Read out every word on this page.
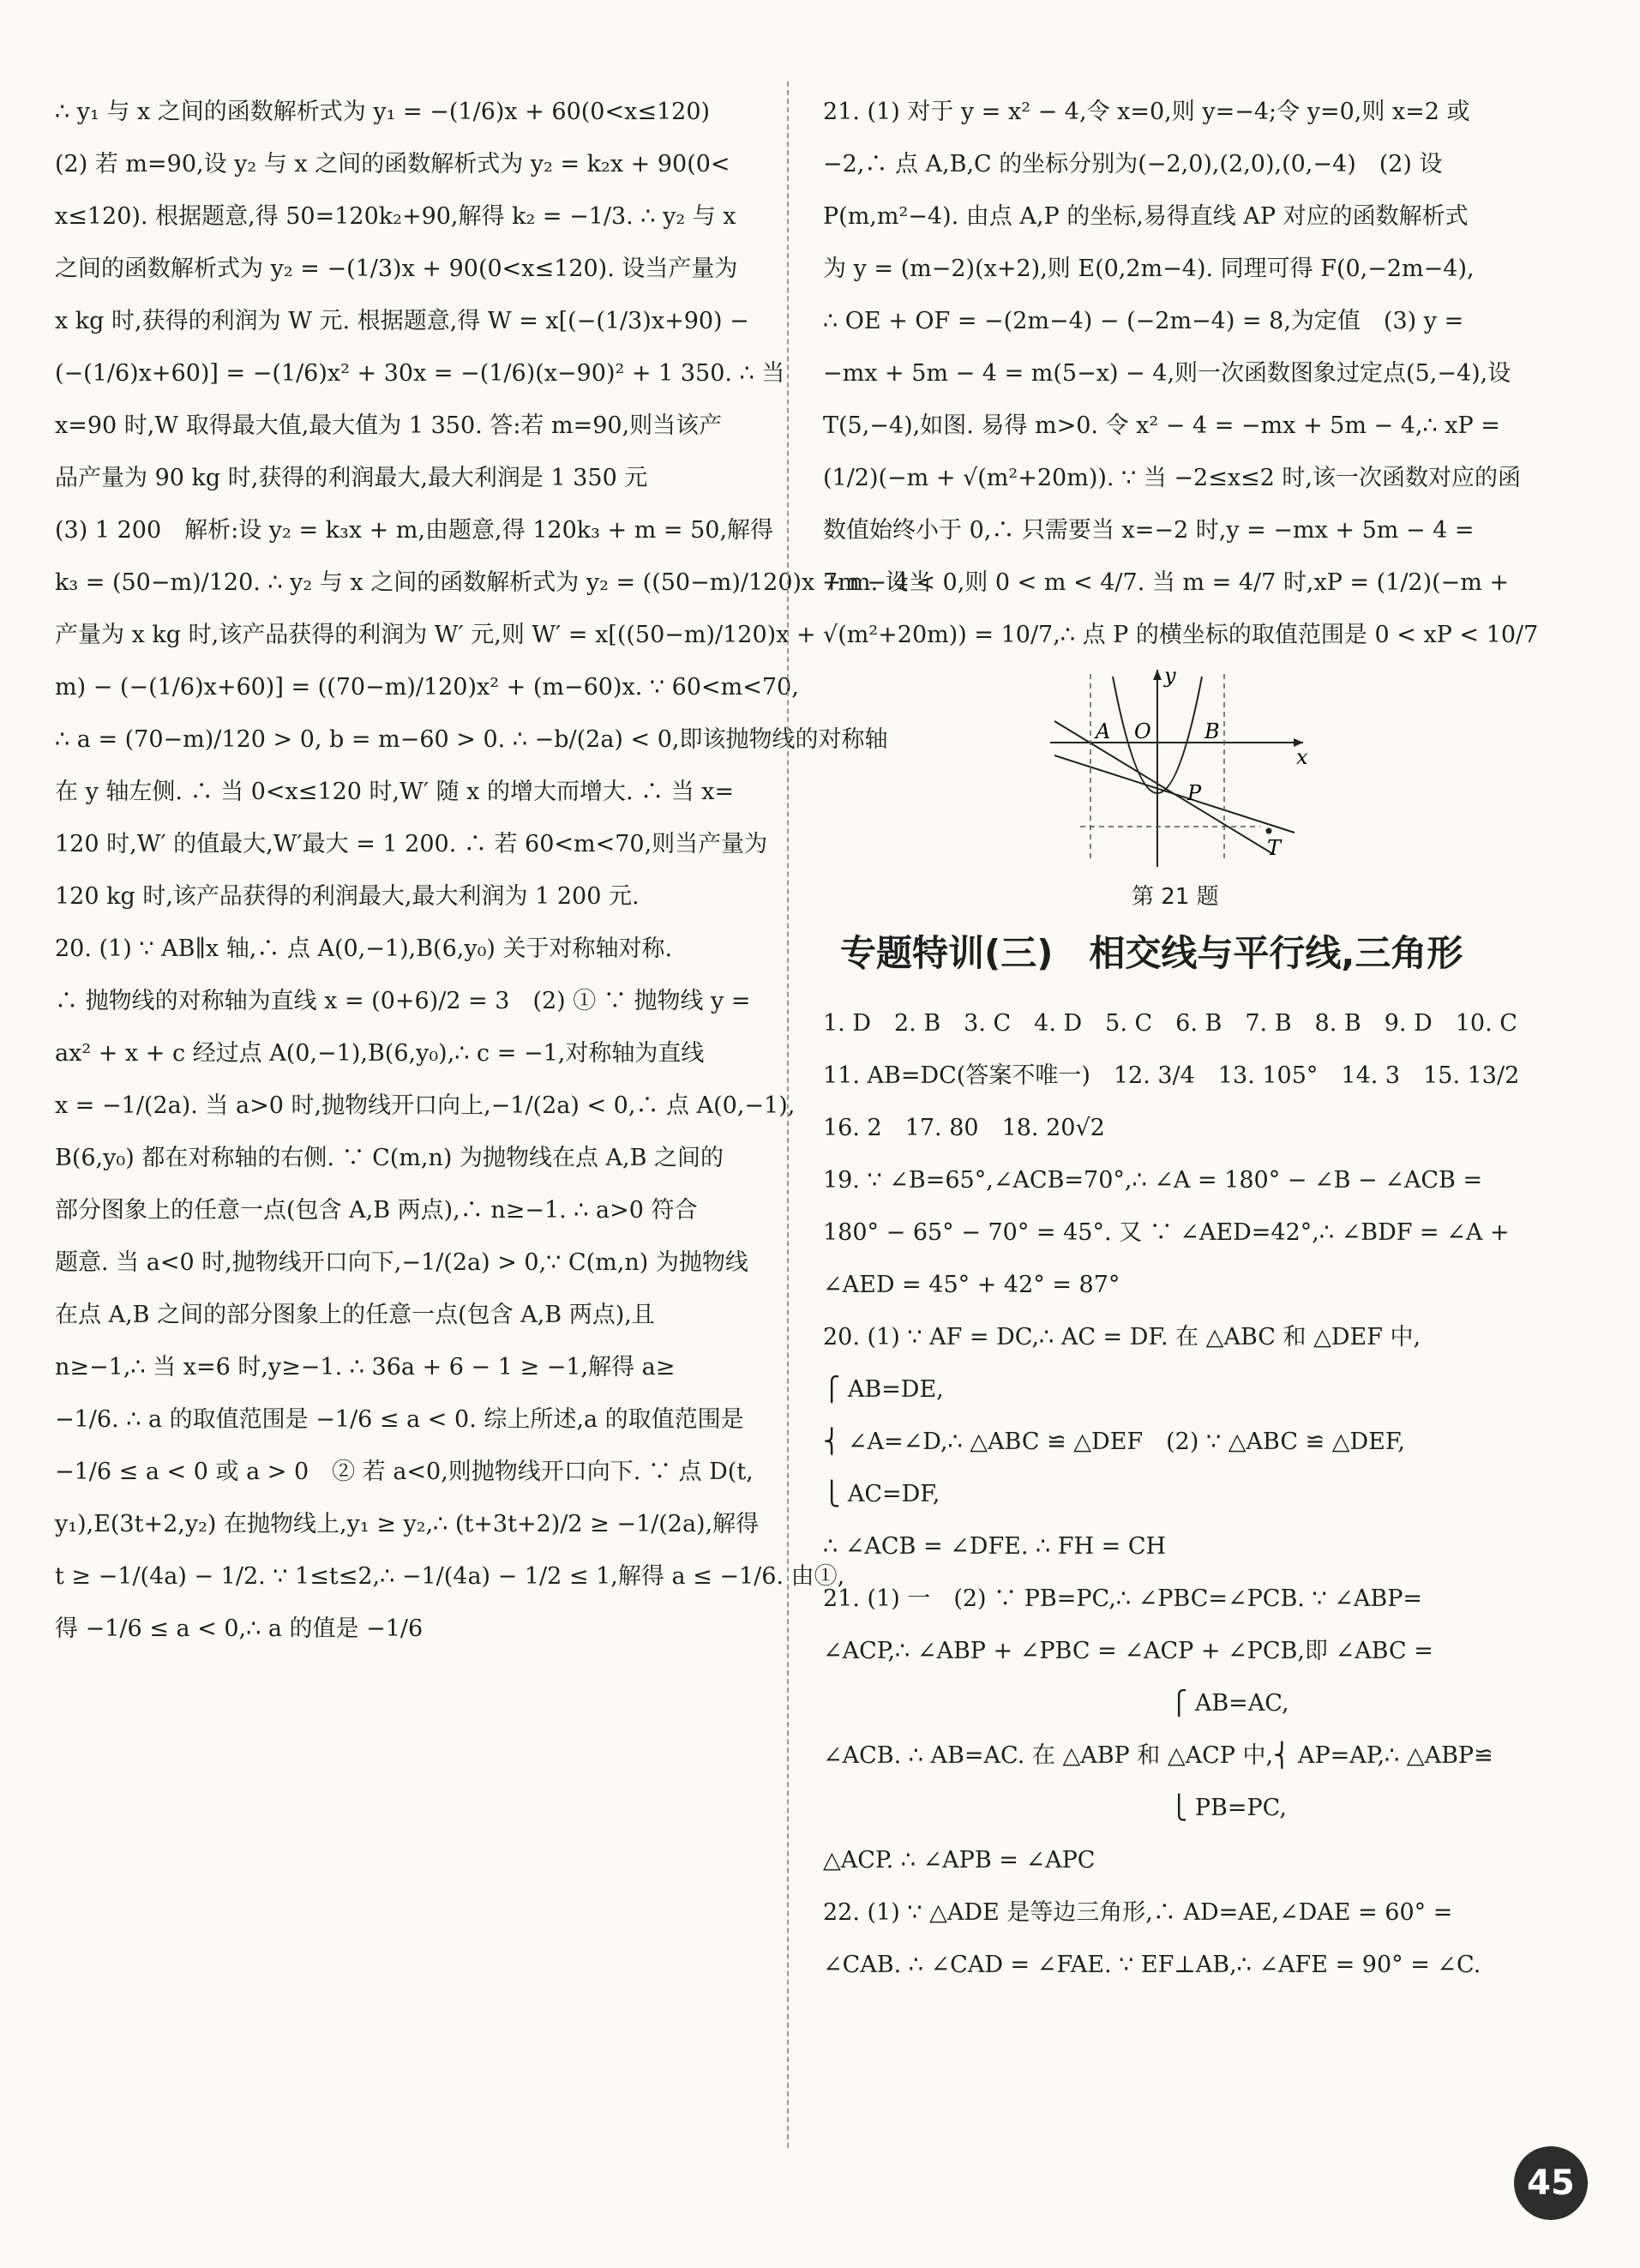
∴ y₁ 与 x 之间的函数解析式为 y₁ = −(1/6)x + 60(0<x≤120)
(2) 若 m=90,设 y₂ 与 x 之间的函数解析式为 y₂ = k₂x + 90(0<
x≤120). 根据题意,得 50=120k₂+90,解得 k₂ = −1/3. ∴ y₂ 与 x
之间的函数解析式为 y₂ = −(1/3)x + 90(0<x≤120). 设当产量为
x kg 时,获得的利润为 W 元. 根据题意,得 W = x[(−(1/3)x+90) −
(−(1/6)x+60)] = −(1/6)x² + 30x = −(1/6)(x−90)² + 1 350. ∴ 当
x=90 时,W 取得最大值,最大值为 1 350. 答:若 m=90,则当该产
品产量为 90 kg 时,获得的利润最大,最大利润是 1 350 元
(3) 1 200　解析:设 y₂ = k₃x + m,由题意,得 120k₃ + m = 50,解得
k₃ = (50−m)/120. ∴ y₂ 与 x 之间的函数解析式为 y₂ = ((50−m)/120)x + m. 设当
产量为 x kg 时,该产品获得的利润为 W′ 元,则 W′ = x[((50−m)/120)x +
m) − (−(1/6)x+60)] = ((70−m)/120)x² + (m−60)x. ∵ 60<m<70,
∴ a = (70−m)/120 > 0, b = m−60 > 0. ∴ −b/(2a) < 0,即该抛物线的对称轴
在 y 轴左侧. ∴ 当 0<x≤120 时,W′ 随 x 的增大而增大. ∴ 当 x=
120 时,W′ 的值最大,W′最大 = 1 200. ∴ 若 60<m<70,则当产量为
120 kg 时,该产品获得的利润最大,最大利润为 1 200 元.
20. (1) ∵ AB∥x 轴,∴ 点 A(0,−1),B(6,y₀) 关于对称轴对称.
∴ 抛物线的对称轴为直线 x = (0+6)/2 = 3　(2) ① ∵ 抛物线 y =
ax² + x + c 经过点 A(0,−1),B(6,y₀),∴ c = −1,对称轴为直线
x = −1/(2a). 当 a>0 时,抛物线开口向上,−1/(2a) < 0,∴ 点 A(0,−1),
B(6,y₀) 都在对称轴的右侧. ∵ C(m,n) 为抛物线在点 A,B 之间的
部分图象上的任意一点(包含 A,B 两点),∴ n≥−1. ∴ a>0 符合
题意. 当 a<0 时,抛物线开口向下,−1/(2a) > 0,∵ C(m,n) 为抛物线
在点 A,B 之间的部分图象上的任意一点(包含 A,B 两点),且
n≥−1,∴ 当 x=6 时,y≥−1. ∴ 36a + 6 − 1 ≥ −1,解得 a≥
−1/6. ∴ a 的取值范围是 −1/6 ≤ a < 0. 综上所述,a 的取值范围是
−1/6 ≤ a < 0 或 a > 0　② 若 a<0,则抛物线开口向下. ∵ 点 D(t,
y₁),E(3t+2,y₂) 在抛物线上,y₁ ≥ y₂,∴ (t+3t+2)/2 ≥ −1/(2a),解得
t ≥ −1/(4a) − 1/2. ∵ 1≤t≤2,∴ −1/(4a) − 1/2 ≤ 1,解得 a ≤ −1/6. 由①,
得 −1/6 ≤ a < 0,∴ a 的值是 −1/6
21. (1) 对于 y = x² − 4,令 x=0,则 y=−4;令 y=0,则 x=2 或
−2,∴ 点 A,B,C 的坐标分别为(−2,0),(2,0),(0,−4)　(2) 设
P(m,m²−4). 由点 A,P 的坐标,易得直线 AP 对应的函数解析式
为 y = (m−2)(x+2),则 E(0,2m−4). 同理可得 F(0,−2m−4),
∴ OE + OF = −(2m−4) − (−2m−4) = 8,为定值　(3) y =
−mx + 5m − 4 = m(5−x) − 4,则一次函数图象过定点(5,−4),设
T(5,−4),如图. 易得 m>0. 令 x² − 4 = −mx + 5m − 4,∴ xP =
(1/2)(−m + √(m²+20m)). ∵ 当 −2≤x≤2 时,该一次函数对应的函
数值始终小于 0,∴ 只需要当 x=−2 时,y = −mx + 5m − 4 =
7m − 4 < 0,则 0 < m < 4/7. 当 m = 4/7 时,xP = (1/2)(−m +
√(m²+20m)) = 10/7,∴ 点 P 的横坐标的取值范围是 0 < xP < 10/7
y
x
A O	B
P
T
第 21 题
专题特训(三)　相交线与平行线,三角形
1. D　2. B　3. C　4. D　5. C　6. B　7. B　8. B　9. D　10. C
11. AB=DC(答案不唯一)　12. 3/4　13. 105°　14. 3　15. 13/2
16. 2　17. 80　18. 20√2
19. ∵ ∠B=65°,∠ACB=70°,∴ ∠A = 180° − ∠B − ∠ACB =
180° − 65° − 70° = 45°. 又 ∵ ∠AED=42°,∴ ∠BDF = ∠A +
∠AED = 45° + 42° = 87°
20. (1) ∵ AF = DC,∴ AC = DF. 在 △ABC 和 △DEF 中,
⎧ AB=DE,
⎨ ∠A=∠D,∴ △ABC ≌ △DEF　(2) ∵ △ABC ≌ △DEF,
⎩ AC=DF,
∴ ∠ACB = ∠DFE. ∴ FH = CH
21. (1) 一　(2) ∵ PB=PC,∴ ∠PBC=∠PCB. ∵ ∠ABP=
∠ACP,∴ ∠ABP + ∠PBC = ∠ACP + ∠PCB,即 ∠ABC =
　　　　　　　　　　　　　　　⎧ AB=AC,
∠ACB. ∴ AB=AC. 在 △ABP 和 △ACP 中,⎨ AP=AP,∴ △ABP≌
　　　　　　　　　　　　　　　⎩ PB=PC,
△ACP. ∴ ∠APB = ∠APC
22. (1) ∵ △ADE 是等边三角形,∴ AD=AE,∠DAE = 60° =
∠CAB. ∴ ∠CAD = ∠FAE. ∵ EF⊥AB,∴ ∠AFE = 90° = ∠C.
45
